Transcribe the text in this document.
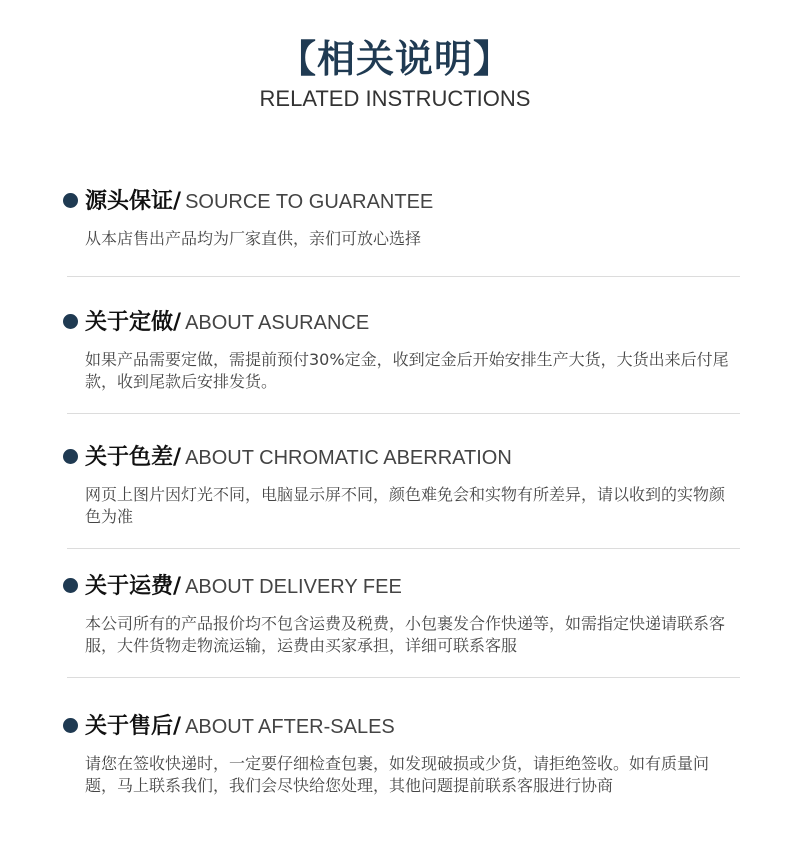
【相关说明】
RELATED INSTRUCTIONS
源头保证/ SOURCE TO GUARANTEE
从本店售出产品均为厂家直供，亲们可放心选择
关于定做/ ABOUT ASURANCE
如果产品需要定做，需提前预付30%定金，收到定金后开始安排生产大货，大货出来后付尾款，收到尾款后安排发货。
关于色差/ ABOUT CHROMATIC ABERRATION
网页上图片因灯光不同，电脑显示屏不同，颜色难免会和实物有所差异，请以收到的实物颜色为准
关于运费/ ABOUT DELIVERY FEE
本公司所有的产品报价均不包含运费及税费，小包裹发合作快递等，如需指定快递请联系客服，大件货物走物流运输，运费由买家承担，详细可联系客服
关于售后/ ABOUT AFTER-SALES
请您在签收快递时，一定要仔细检查包裹，如发现破损或少货，请拒绝签收。如有质量问题，马上联系我们，我们会尽快给您处理，其他问题提前联系客服进行协商
